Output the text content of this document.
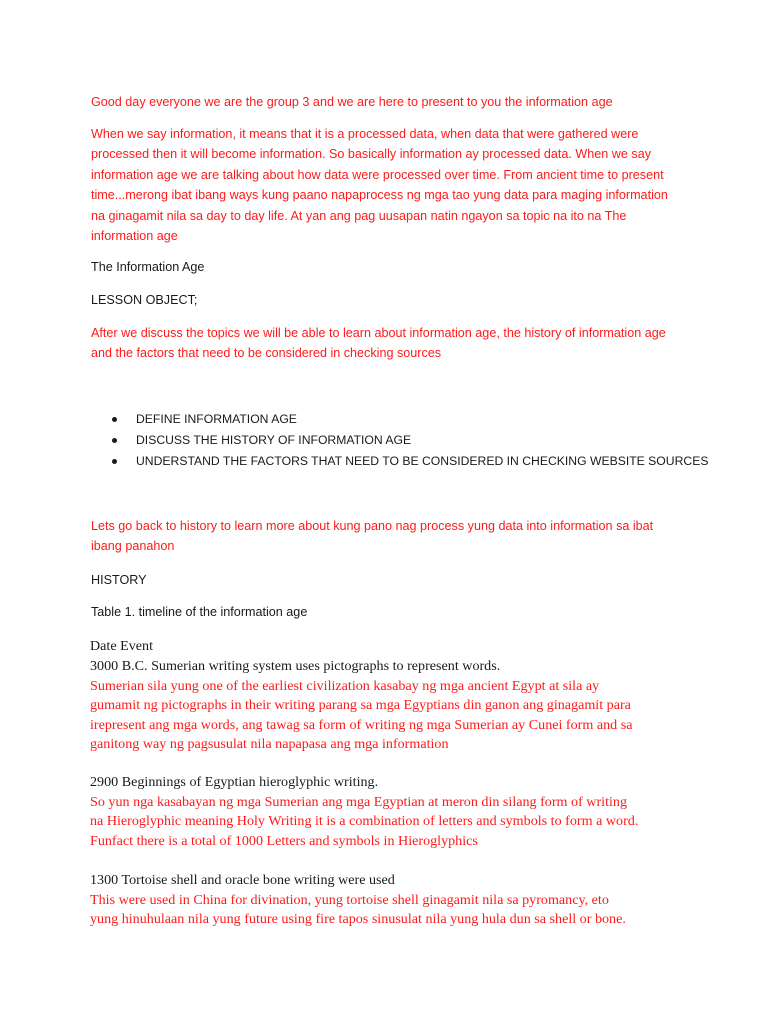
Good day everyone we are the group 3 and we are here to present to you the information age
When we say information, it means that it is a processed data, when data that were gathered were
processed then it will become information. So basically information ay processed data. When we say
information age we are talking about how data were processed over time. From ancient time to present
time...merong ibat ibang ways kung paano napaprocess ng mga tao yung data para maging information
na ginagamit nila sa day to day life. At yan ang pag uusapan natin ngayon sa topic na ito na The
information age
The Information Age
LESSON OBJECT;
After we discuss the topics we will be able to learn about information age, the history of information age
and the factors that need to be considered in checking sources
DEFINE INFORMATION AGE
DISCUSS THE HISTORY OF INFORMATION AGE
UNDERSTAND THE FACTORS THAT NEED TO BE CONSIDERED IN CHECKING WEBSITE SOURCES
Lets go back to history to learn more about kung pano nag process yung data into information sa ibat
ibang panahon
HISTORY
Table 1. timeline of the information age
Date Event
3000 B.C. Sumerian writing system uses pictographs to represent words.
Sumerian sila yung one of the earliest civilization kasabay ng mga ancient Egypt at sila ay
gumamit ng pictographs in their writing parang sa mga Egyptians din ganon ang ginagamit para
irepresent ang mga words, ang tawag sa form of writing ng mga Sumerian ay Cunei form and sa
ganitong way ng pagsusulat nila napapasa ang mga information
2900 Beginnings of Egyptian hieroglyphic writing.
So yun nga kasabayan ng mga Sumerian ang mga Egyptian at meron din silang form of writing
na Hieroglyphic meaning Holy Writing it is a combination of letters and symbols to form a word.
Funfact there is a total of 1000 Letters and symbols in Hieroglyphics
1300 Tortoise shell and oracle bone writing were used
This were used in China for divination, yung tortoise shell ginagamit nila sa pyromancy, eto
yung hinuhulaan nila yung future using fire tapos sinusulat nila yung hula dun sa shell or bone.
